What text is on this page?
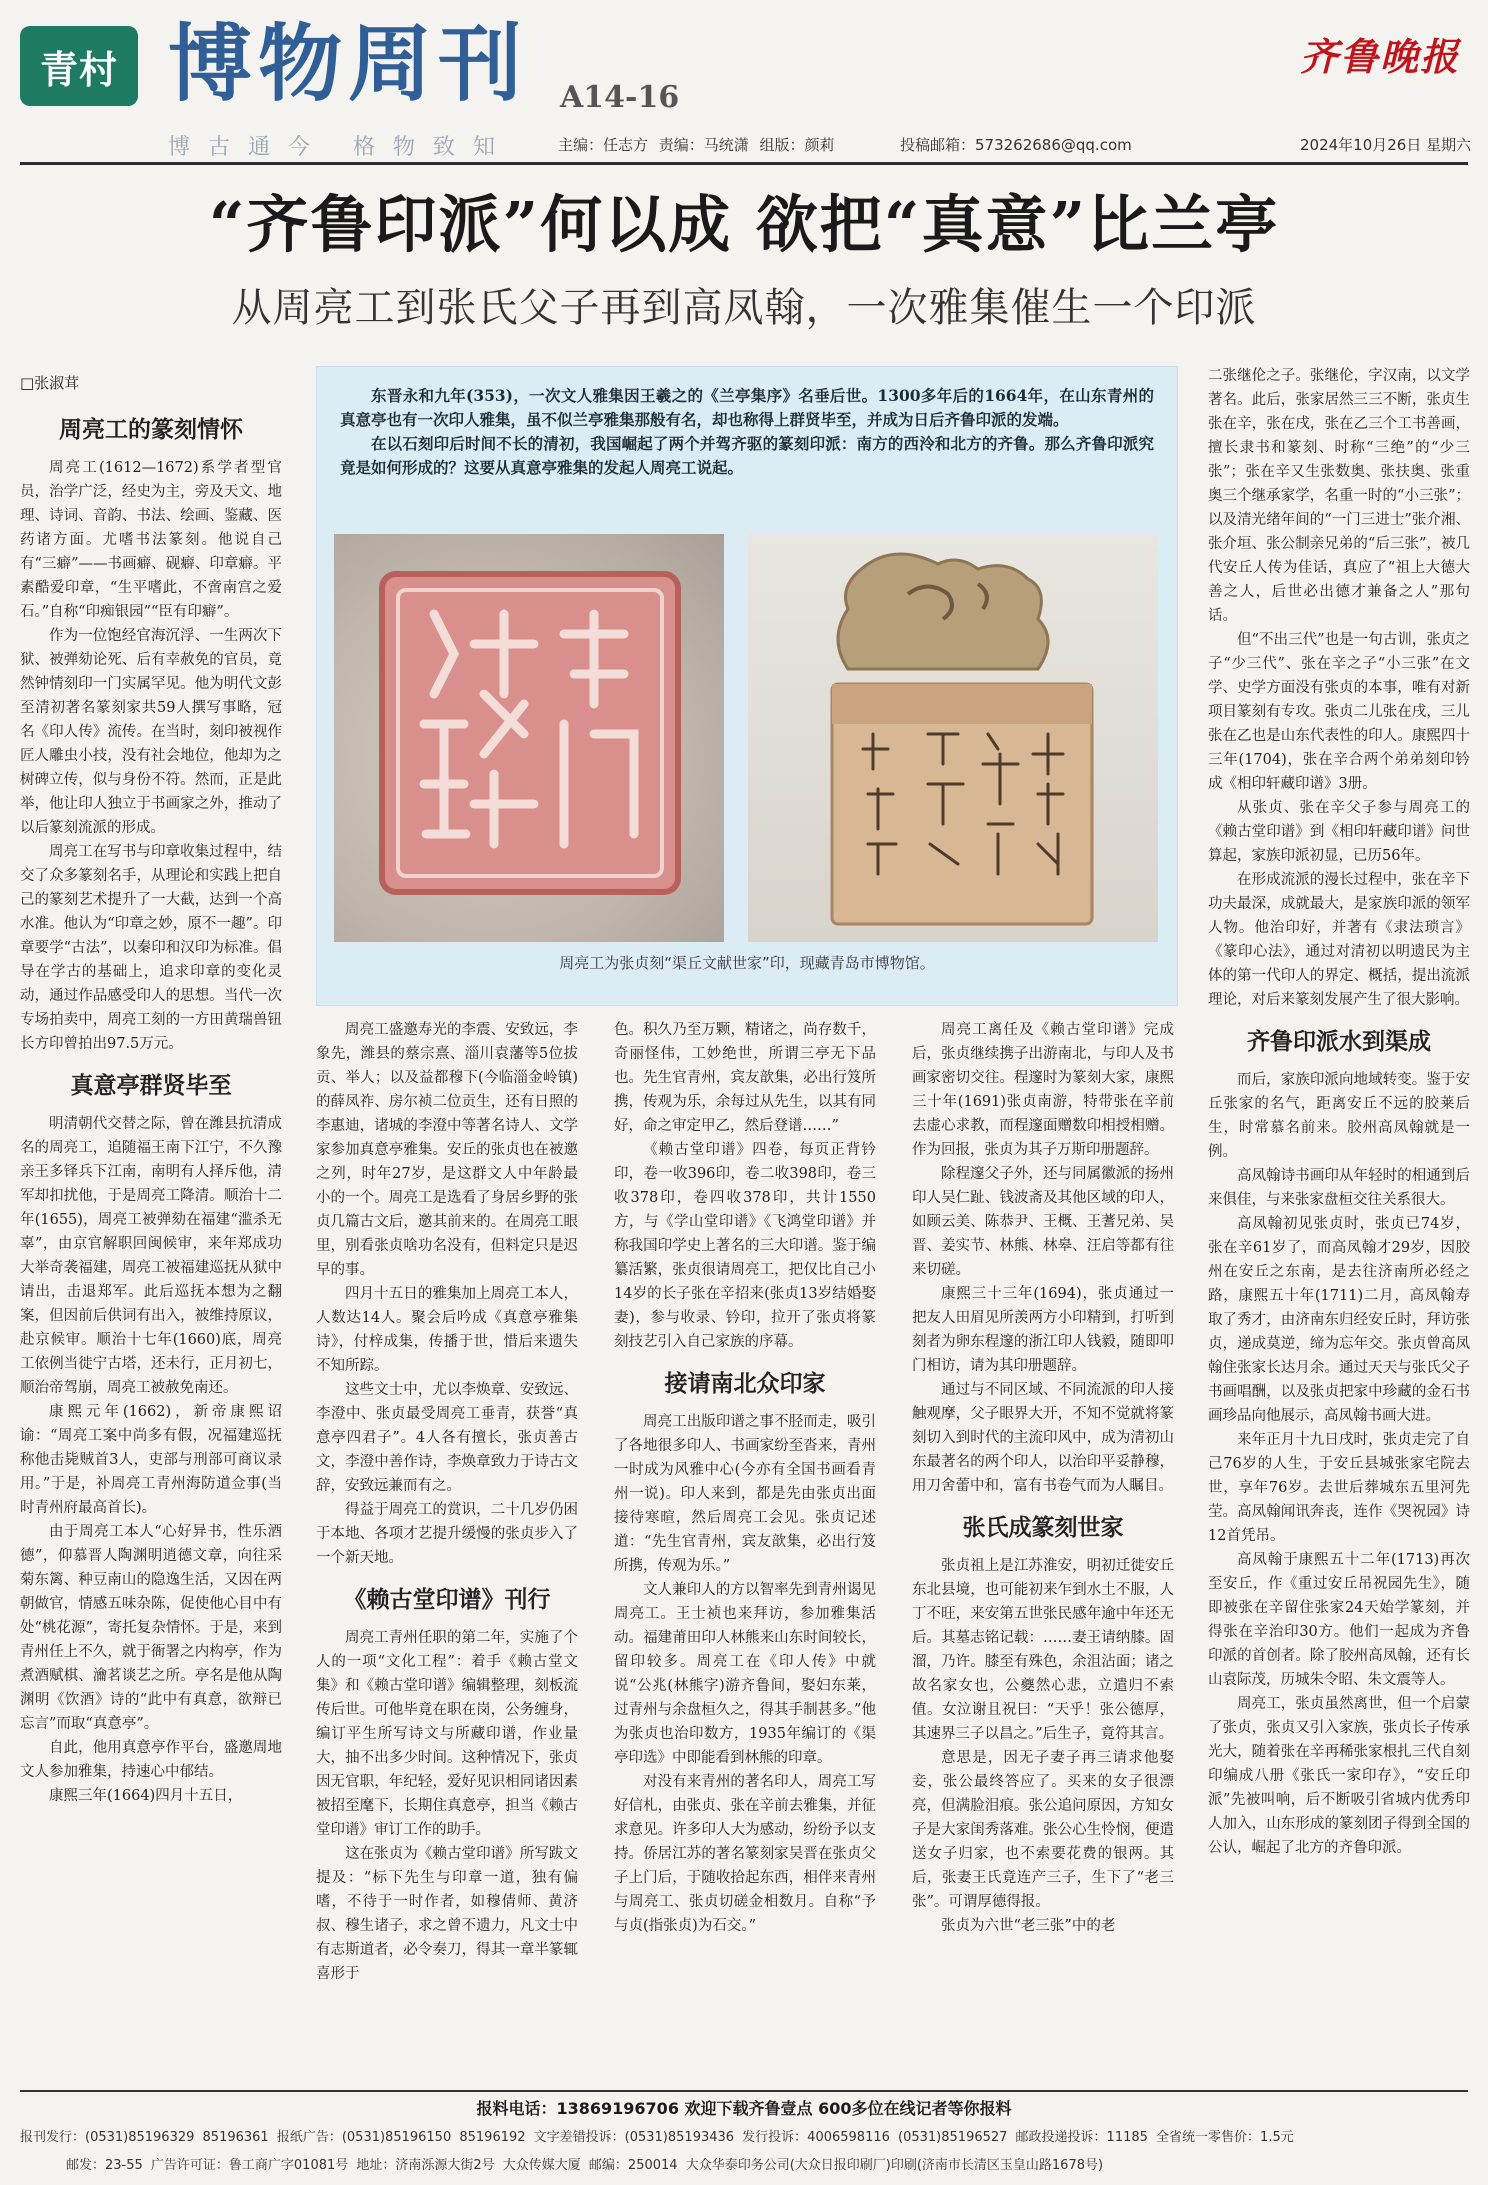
青村 博物周刊 A14-16
齐鲁晚报
博古通今 格物致知	主编：任志方 责编：马统潇 组版：颜莉	投稿邮箱：573262686@qq.com	2024年10月26日 星期六
“齐鲁印派”何以成 欲把“真意”比兰亭
从周亮工到张氏父子再到高凤翰，一次雅集催生一个印派
□张淑茸
周亮工的篆刻情怀

周亮工(1612—1672)系学者型官员，治学广泛，经史为主，旁及天文、地理、诗词、音韵、书法、绘画、鉴藏、医药诸方面。尤嗜书法篆刻。他说自己有“三癖”——书画癖、砚癖、印章癖。平素酷爱印章，“生平嗜此，不啻南宫之爱石。”自称“印痴银园”“臣有印癖”。

作为一位饱经官海沉浮、一生两次下狱、被弹劾论死、后有幸赦免的官员，竟然钟情刻印一门实属罕见。他为明代文彭至清初著名篆刻家共59人撰写事略，冠名《印人传》流传。在当时，刻印被视作匠人雕虫小技，没有社会地位，他却为之树碑立传，似与身份不符。然而，正是此举，他让印人独立于书画家之外，推动了以后篆刻流派的形成。

周亮工在写书与印章收集过程中，结交了众多篆刻名手，从理论和实践上把自己的篆刻艺术提升了一大截，达到一个高水准。他认为“印章之妙，原不一趣”。印章要学“古法”，以秦印和汉印为标准。倡导在学古的基础上，追求印章的变化灵动，通过作品感受印人的思想。当代一次专场拍卖中，周亮工刻的一方田黄瑞兽钮长方印曾拍出97.5万元。

真意亭群贤毕至

明清朝代交替之际，曾在潍县抗清成名的周亮工，追随福王南下江宁，不久豫亲王多铎兵下江南，南明有人择斥他，清军却扣扰他，于是周亮工降清。顺治十二年(1655)，周亮工被弹劾在福建“滥杀无辜”，由京官解职回闽候审，来年郑成功大举奇袭福建，周亮工被福建巡抚从狱中请出，击退郑军。此后巡抚本想为之翻案，但因前后供词有出入，被维持原议，赴京候审。顺治十七年(1660)底，周亮工依例当徙宁古塔，还未行，正月初七，顺治帝驾崩，周亮工被赦免南还。

康熙元年(1662)，新帝康熙诏谕：“周亮工案中尚多有假，况福建巡抚称他击毙贼首3人，吏部与刑部可商议录用。”于是，补周亮工青州海防道佥事(当时青州府最高首长)。

由于周亮工本人“心好异书，性乐酒德”，仰慕晋人陶渊明逍德文章，向往采菊东篱、种豆南山的隐逸生活，又因在两朝做官，情感五味杂陈，促使他心目中有处“桃花源”，寄托复杂情怀。于是，来到青州任上不久，就于衙署之内构亭，作为煮酒赋棋、瀹茗谈艺之所。亭名是他从陶渊明《饮酒》诗的“此中有真意，欲辩已忘言”而取“真意亭”。

自此，他用真意亭作平台，盛邀周地文人参加雅集，持速心中郁结。

康熙三年(1664)四月十五日，

东晋永和九年(353)，一次文人雅集因王羲之的《兰亭集序》名垂后世。1300多年后的1664年，在山东青州的真意亭也有一次印人雅集，虽不似兰亭雅集那般有名，却也称得上群贤毕至，并成为日后齐鲁印派的发端。

在以石刻印后时间不长的清初，我国崛起了两个并驾齐驱的篆刻印派：南方的西泠和北方的齐鲁。那么齐鲁印派究竟是如何形成的？这要从真意亭雅集的发起人周亮工说起。

周亮工为张贞刻“渠丘文献世家”印，现藏青岛市博物馆。

周亮工盛邀寿光的李震、安致远，李象先，潍县的蔡宗熹、淄川袁藩等5位拔贡、举人；以及益都穆下(今临淄金岭镇)的薛凤祚、房尔祯二位贡生，还有日照的李惠迪，诸城的李澄中等著名诗人、文学家参加真意亭雅集。安丘的张贞也在被邀之列，时年27岁，是这群文人中年龄最小的一个。周亮工是选看了身居乡野的张贞几篇古文后，邀其前来的。在周亮工眼里，别看张贞啥功名没有，但料定只是迟早的事。

四月十五日的雅集加上周亮工本人，人数达14人。聚会后吟成《真意亭雅集诗》，付梓成集，传播于世，惜后来遗失不知所踪。

这些文士中，尤以李焕章、安致远、李澄中、张贞最受周亮工垂青，获誉“真意亭四君子”。4人各有擅长，张贞善古文，李澄中善作诗，李焕章致力于诗古文辞，安致远兼而有之。

得益于周亮工的赏识，二十几岁仍困于本地、各项才艺提升缓慢的张贞步入了一个新天地。

《赖古堂印谱》刊行

周亮工青州任职的第二年，实施了个人的一项“文化工程”：着手《赖古堂文集》和《赖古堂印谱》编辑整理，刻板流传后世。可他毕竟在职在岗，公务缠身，编订平生所写诗文与所藏印谱，作业量大，抽不出多少时间。这种情况下，张贞因无官职，年纪轻，爱好见识相同诸因素被招至麾下，长期住真意亭，担当《赖古堂印谱》审订工作的助手。

这在张贞为《赖古堂印谱》所写跋文提及：“标下先生与印章一道，独有偏嗜，不待于一时作者，如穆倩师、黄济叔、穆生诸子，求之曾不遗力，凡文士中有志斯道者，必令奏刀，得其一章半篆辄喜形于

色。积久乃至万颗，精诸之，尚存数千，奇丽怪伟，工妙绝世，所谓三亭无下品也。先生官青州，宾友歆集，必出行笈所携，传观为乐，余每过从先生，以其有同好，命之审定甲乙，然后登谱……”

《赖古堂印谱》四卷，每页正背钤印，卷一收396印，卷二收398印，卷三收378印，卷四收378印，共计1550方，与《学山堂印谱》《飞鸿堂印谱》并称我国印学史上著名的三大印谱。鉴于编纂活繁，张贞很请周亮工，把仅比自己小14岁的长子张在辛招来(张贞13岁结婚娶妻)，参与收录、钤印，拉开了张贞将篆刻技艺引入自己家族的序幕。

接请南北众印家

周亮工出版印谱之事不胫而走，吸引了各地很多印人、书画家纷至沓来，青州一时成为风雅中心(今亦有全国书画看青州一说)。印人来到，都是先由张贞出面接待寒暄，然后周亮工会见。张贞记述道：“先生官青州，宾友歆集，必出行笈所携，传观为乐。”

文人兼印人的方以智率先到青州谒见周亮工。王士祯也来拜访，参加雅集活动。福建莆田印人林熊来山东时间较长，留印较多。周亮工在《印人传》中就说“公兆(林熊字)游齐鲁间，娶妇东莱，过青州与余盘桓久之，得其手制甚多。”他为张贞也治印数方，1935年编订的《渠亭印选》中即能看到林熊的印章。

对没有来青州的著名印人，周亮工写好信札，由张贞、张在辛前去雅集，并征求意见。许多印人大为感动，纷纷予以支持。侨居江苏的著名篆刻家吴晋在张贞父子上门后，于随收拾起东西，相伴来青州与周亮工、张贞切磋金相数月。自称“予与贞(指张贞)为石交。”

周亮工离任及《赖古堂印谱》完成后，张贞继续携子出游南北，与印人及书画家密切交往。程邃时为篆刻大家，康熙三十年(1691)张贞南游，特带张在辛前去虚心求教，而程邃面赠数印相授相赠。作为回报，张贞为其子万斯印册题辞。

除程邃父子外，还与同属徽派的扬州印人吴仁趾、钱波斋及其他区域的印人，如顾云美、陈恭尹、王概、王蓍兄弟、吴晋、姜实节、林熊、林皋、汪启等都有往来切磋。

康熙三十三年(1694)，张贞通过一把友人田眉见所羡两方小印精到，打听到刻者为卵东程邃的浙江印人钱毅，随即叩门相访，请为其印册题辞。

通过与不同区域、不同流派的印人接触观摩，父子眼界大开，不知不觉就将篆刻切入到时代的主流印风中，成为清初山东最著名的两个印人，以治印平妥静穆，用刀舍蕾中和，富有书卷气而为人瞩目。

张氏成篆刻世家

张贞祖上是江苏淮安，明初迁徙安丘东北县境，也可能初来乍到水土不服，人丁不旺，来安第五世张民感年逾中年还无后。其墓志铭记载：……妻王请纳膝。固溜，乃许。膝至有殊色，余沮沾面；诸之故名家女也，公夔然心悲，立遣归不索值。女泣谢且祝曰：“天乎！张公德厚，其速界三子以昌之。”后生子，竟符其言。

意思是，因无子妻子再三请求他娶妾，张公最终答应了。买来的女子很漂亮，但满脸泪痕。张公追问原因，方知女子是大家闺秀落难。张公心生怜悯，便遣送女子归家，也不索要花费的银两。其后，张妻王氏竟连产三子，生下了“老三张”。可谓厚德得报。

张贞为六世“老三张”中的老

二张继伦之子。张继伦，字汉南，以文学著名。此后，张家居然三三不断，张贞生张在辛，张在戌，张在乙三个工书善画，擅长隶书和篆刻、时称“三绝”的“少三张”；张在辛又生张数奥、张扶奥、张重奥三个继承家学，名重一时的“小三张”；以及清光绪年间的“一门三进士”张介湘、张介垣、张公制亲兄弟的“后三张”，被几代安丘人传为佳话，真应了“祖上大德大善之人，后世必出德才兼备之人”那句话。

但“不出三代”也是一句古训，张贞之子“少三代”、张在辛之子“小三张”在文学、史学方面没有张贞的本事，唯有对新项目篆刻有专攻。张贞二儿张在戌，三儿张在乙也是山东代表性的印人。康熙四十三年(1704)，张在辛合两个弟弟刻印钤成《相印轩藏印谱》3册。

从张贞、张在辛父子参与周亮工的《赖古堂印谱》到《相印轩藏印谱》问世算起，家族印派初显，已历56年。

在形成流派的漫长过程中，张在辛下功夫最深，成就最大，是家族印派的领军人物。他治印好，并著有《隶法琐言》《篆印心法》，通过对清初以明遗民为主体的第一代印人的界定、概括，提出流派理论，对后来篆刻发展产生了很大影响。

齐鲁印派水到渠成

而后，家族印派向地域转变。鉴于安丘张家的名气，距离安丘不远的胶莱后生，时常慕名前来。胶州高凤翰就是一例。

高凤翰诗书画印从年轻时的相通到后来俱佳，与来张家盘桓交往关系很大。

高凤翰初见张贞时，张贞已74岁，张在辛61岁了，而高凤翰才29岁，因胶州在安丘之东南，是去往济南所必经之路，康熙五十年(1711)二月，高凤翰寿取了秀才，由济南东归经安丘时，拜访张贞，递成莫逆，缔为忘年交。张贞曾高凤翰住张家长达月余。通过天天与张氏父子书画唱酬，以及张贞把家中珍藏的金石书画珍品向他展示，高凤翰书画大进。

来年正月十九日戌时，张贞走完了自己76岁的人生，于安丘县城张家宅院去世，享年76岁。去世后葬城东五里河先茔。高凤翰闻讯奔丧，连作《哭祝园》诗12首凭吊。

高凤翰于康熙五十二年(1713)再次至安丘，作《重过安丘吊祝园先生》，随即被张在辛留住张家24天始学篆刻，并得张在辛治印30方。他们一起成为齐鲁印派的首创者。除了胶州高凤翰，还有长山袁际茂，历城朱令昭、朱文震等人。

周亮工，张贞虽然离世，但一个启蒙了张贞，张贞又引入家族，张贞长子传承光大，随着张在辛再稀张家根扎三代自刻印编成八册《张氏一家印存》，“安丘印派”先被叫响，后不断吸引省城内优秀印人加入，山东形成的篆刻团子得到全国的公认，崛起了北方的齐鲁印派。

报料电话：13869196706 欢迎下载齐鲁壹点 600多位在线记者等你报料
报刊发行：(0531)85196329 85196361 报纸广告：(0531)85196150 85196192 文字差错投诉：(0531)85193436 发行投诉：4006598116 (0531)85196527 邮政投递投诉：11185 全省统一零售价：1.5元
邮发：23-55 广告许可证：鲁工商广字01081号 地址：济南泺源大街2号 大众传媒大厦 邮编：250014 大众华泰印务公司(大众日报印刷厂)印刷(济南市长清区玉皇山路1678号)
